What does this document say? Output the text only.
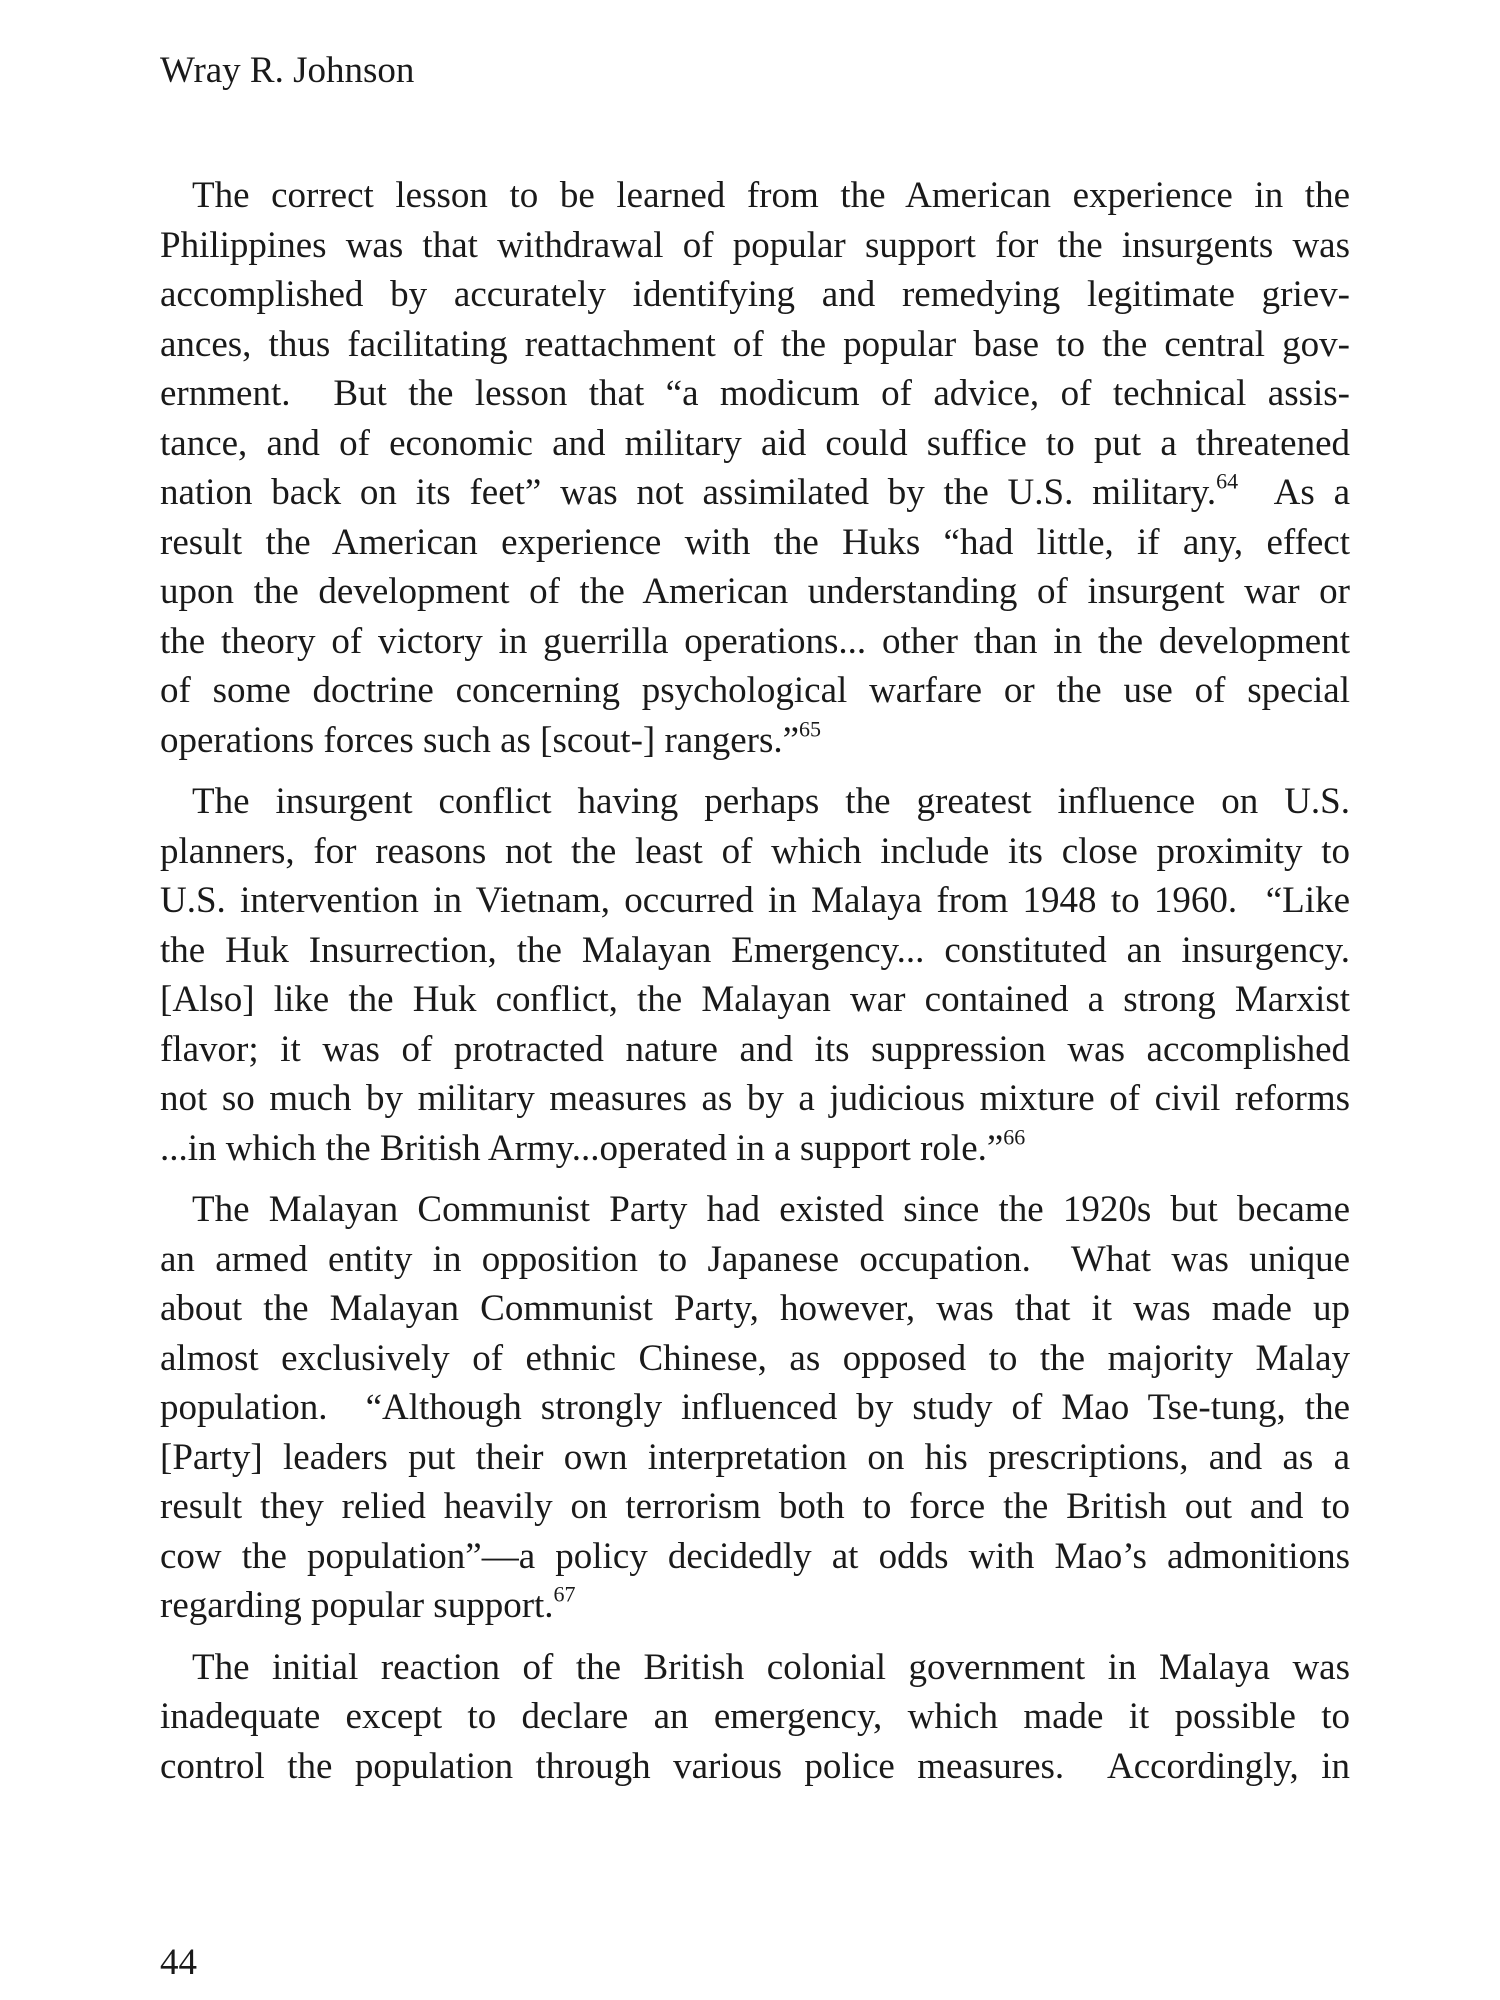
Wray R. Johnson
The correct lesson to be learned from the American experience in the
Philippines was that withdrawal of popular support for the insurgents was
accomplished by accurately identifying and remedying legitimate griev-
ances, thus facilitating reattachment of the popular base to the central gov-
ernment.  But the lesson that “a modicum of advice, of technical assis-
tance, and of economic and military aid could suffice to put a threatened
nation back on its feet” was not assimilated by the U.S. military.$^{64}$  As a
result the American experience with the Huks “had little, if any, effect
upon the development of the American understanding of insurgent war or
the theory of victory in guerrilla operations... other than in the development
of some doctrine concerning psychological warfare or the use of special
operations forces such as [scout-] rangers.”$^{65}$
The insurgent conflict having perhaps the greatest influence on U.S.
planners, for reasons not the least of which include its close proximity to
U.S. intervention in Vietnam, occurred in Malaya from 1948 to 1960.  “Like
the Huk Insurrection, the Malayan Emergency... constituted an insurgency.
[Also] like the Huk conflict, the Malayan war contained a strong Marxist
flavor; it was of protracted nature and its suppression was accomplished
not so much by military measures as by a judicious mixture of civil reforms
...in which the British Army...operated in a support role.”$^{66}$
The Malayan Communist Party had existed since the 1920s but became
an armed entity in opposition to Japanese occupation.  What was unique
about the Malayan Communist Party, however, was that it was made up
almost exclusively of ethnic Chinese, as opposed to the majority Malay
population.  “Although strongly influenced by study of Mao Tse-tung, the
[Party] leaders put their own interpretation on his prescriptions, and as a
result they relied heavily on terrorism both to force the British out and to
cow the population”—a policy decidedly at odds with Mao’s admonitions
regarding popular support.$^{67}$
The initial reaction of the British colonial government in Malaya was
inadequate except to declare an emergency, which made it possible to
control the population through various police measures.  Accordingly, in
44
